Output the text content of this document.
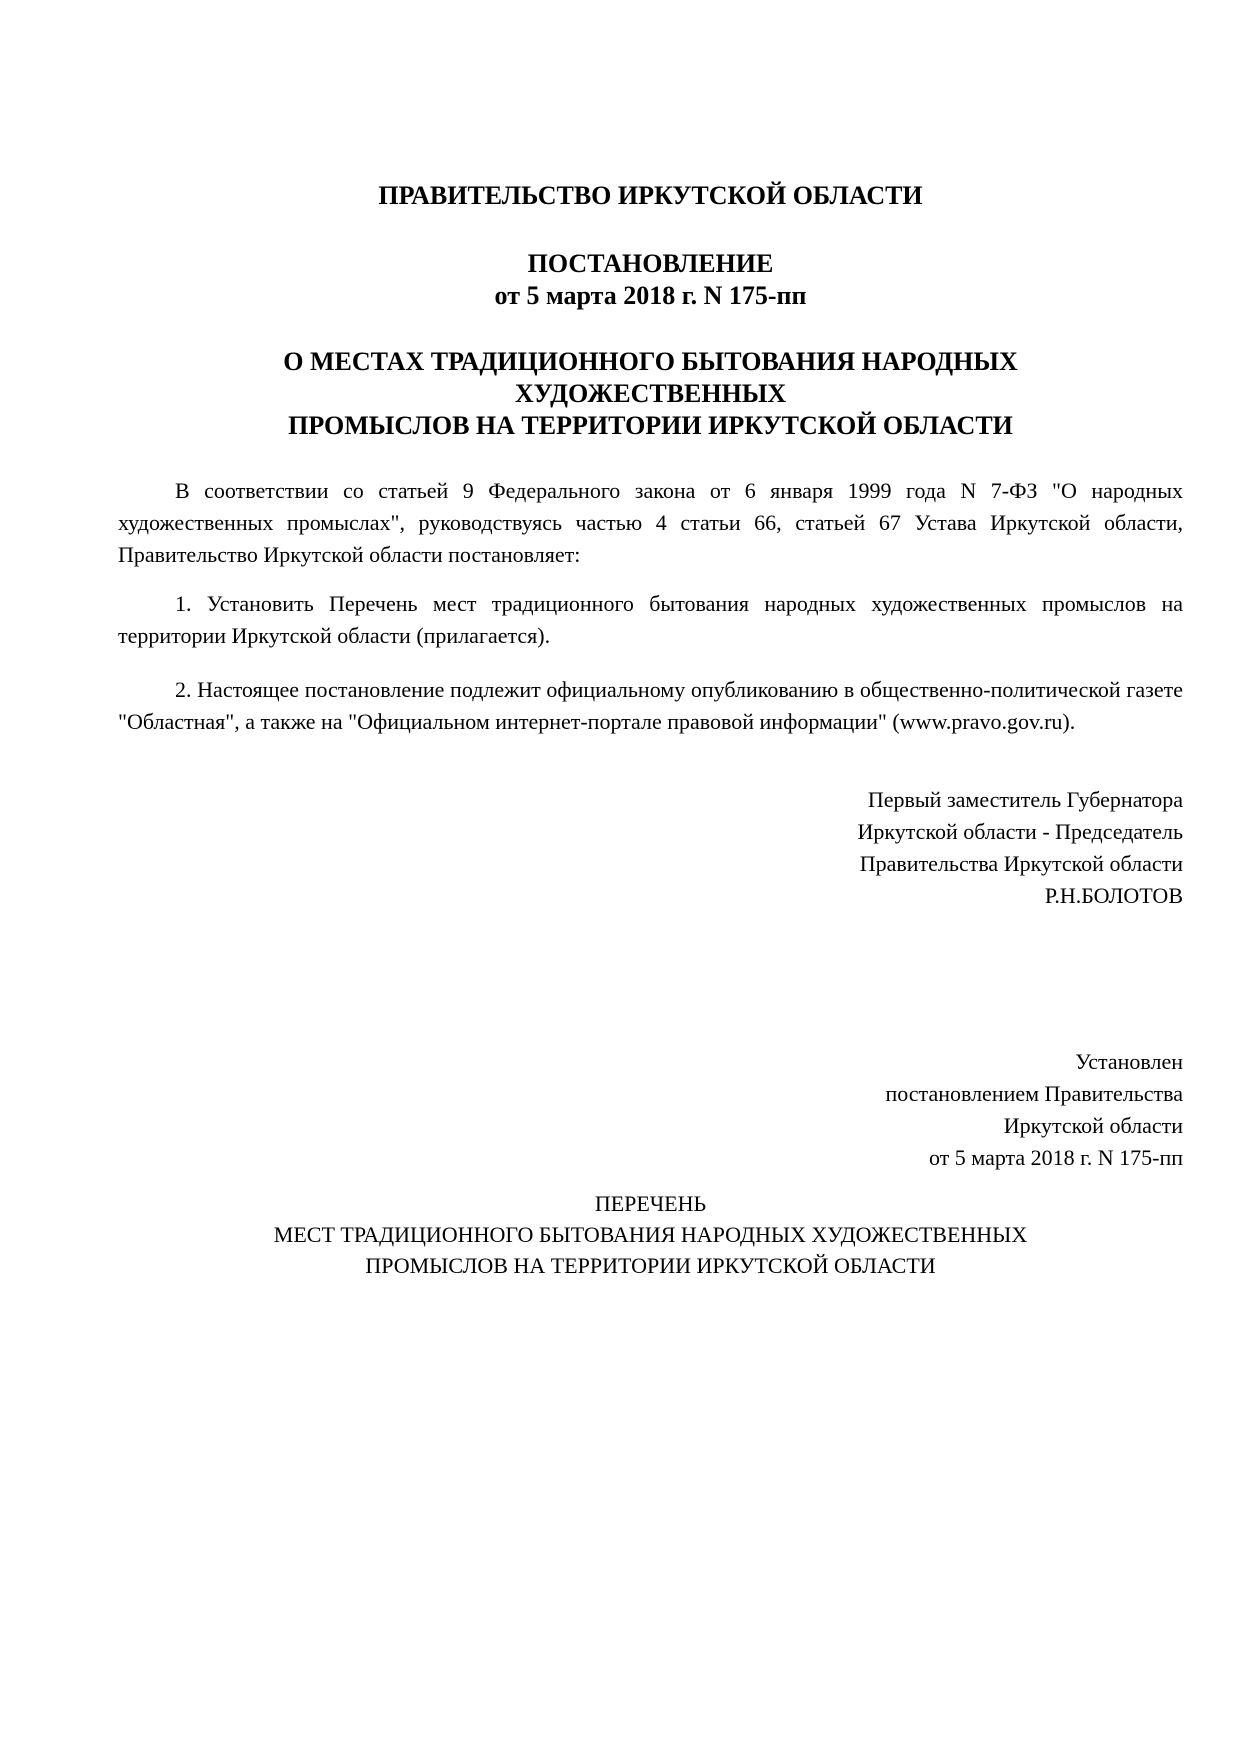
ПРАВИТЕЛЬСТВО ИРКУТСКОЙ ОБЛАСТИ
ПОСТАНОВЛЕНИЕ
от 5 марта 2018 г. N 175-пп
О МЕСТАХ ТРАДИЦИОННОГО БЫТОВАНИЯ НАРОДНЫХ
ХУДОЖЕСТВЕННЫХ
ПРОМЫСЛОВ НА ТЕРРИТОРИИ ИРКУТСКОЙ ОБЛАСТИ

В соответствии со статьей 9 Федерального закона от 6 января 1999 года N 7-ФЗ "О народных художественных промыслах", руководствуясь частью 4 статьи 66, статьей 67 Устава Иркутской области, Правительство Иркутской области постановляет:

1. Установить Перечень мест традиционного бытования народных художественных промыслов на территории Иркутской области (прилагается).

2. Настоящее постановление подлежит официальному опубликованию в общественно-политической газете "Областная", а также на "Официальном интернет-портале правовой информации" (www.pravo.gov.ru).

Первый заместитель Губернатора
Иркутской области - Председатель
Правительства Иркутской области
Р.Н.БОЛОТОВ
Установлен
постановлением Правительства
Иркутской области
от 5 марта 2018 г. N 175-пп
ПЕРЕЧЕНЬ
МЕСТ ТРАДИЦИОННОГО БЫТОВАНИЯ НАРОДНЫХ ХУДОЖЕСТВЕННЫХ
ПРОМЫСЛОВ НА ТЕРРИТОРИИ ИРКУТСКОЙ ОБЛАСТИ
